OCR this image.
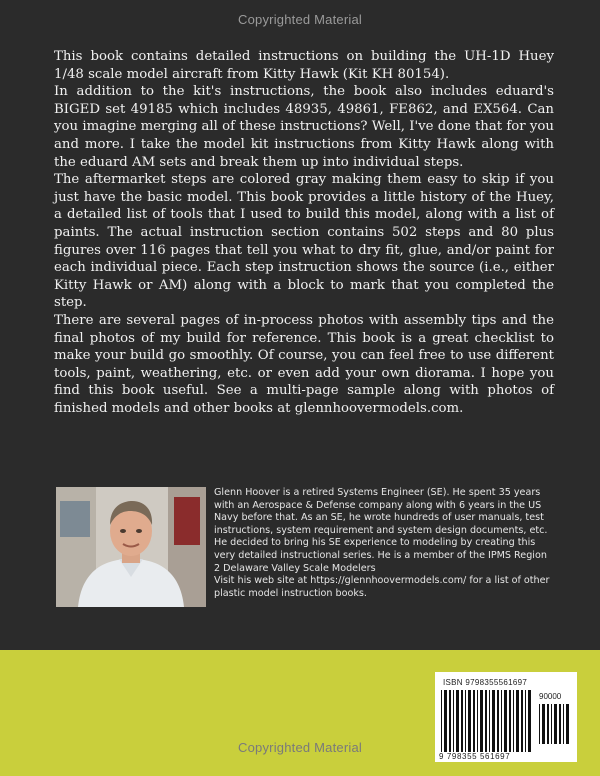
Copyrighted Material

This book contains detailed instructions on building the UH-1D Huey 1/48 scale model aircraft from Kitty Hawk (Kit KH 80154).

In addition to the kit's instructions, the book also includes eduard's BIGED set 49185 which includes 48935, 49861, FE862, and EX564. Can you imagine merging all of these instructions? Well, I've done that for you and more. I take the model kit instructions from Kitty Hawk along with the eduard AM sets and break them up into individual steps.

The aftermarket steps are colored gray making them easy to skip if you just have the basic model. This book provides a little history of the Huey, a detailed list of tools that I used to build this model, along with a list of paints. The actual instruction section contains 502 steps and 80 plus figures over 116 pages that tell you what to dry fit, glue, and/or paint for each individual piece. Each step instruction shows the source (i.e., either Kitty Hawk or AM) along with a block to mark that you completed the step.

There are several pages of in-process photos with assembly tips and the final photos of my build for reference. This book is a great checklist to make your build go smoothly. Of course, you can feel free to use different tools, paint, weathering, etc. or even add your own diorama. I hope you find this book useful. See a multi-page sample along with photos of finished models and other books at glennhoovermodels.com.

Glenn Hoover is a retired Systems Engineer (SE). He spent 35 years with an Aerospace & Defense company along with 6 years in the US Navy before that. As an SE, he wrote hundreds of user manuals, test instructions, system requirement and system design documents, etc. He decided to bring his SE experience to modeling by creating this very detailed instructional series. He is a member of the IPMS Region 2 Delaware Valley Scale Modelers

Visit his web site at https://glennhoovermodels.com/ for a list of other plastic model instruction books.

ISBN 9798355561697
90000
9 798355 561697
Copyrighted Material
